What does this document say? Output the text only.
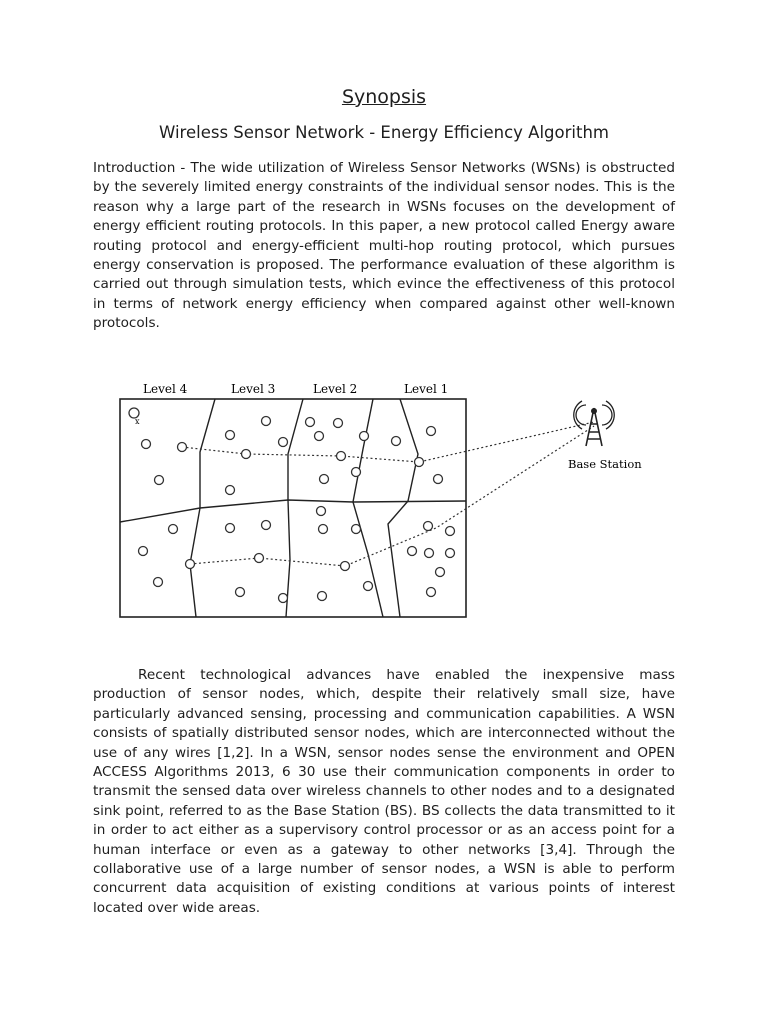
Synopsis
Wireless Sensor Network - Energy Efficiency Algorithm

Introduction - The wide utilization of Wireless Sensor Networks (WSNs) is obstructed by the severely limited energy constraints of the individual sensor nodes. This is the reason why a large part of the research in WSNs focuses on the development of energy efficient routing protocols. In this paper, a new protocol called Energy aware routing protocol and energy-efficient multi-hop routing protocol, which pursues energy conservation is proposed. The performance evaluation of these algorithm is carried out through simulation tests, which evince the effectiveness of this protocol in terms of network energy efficiency when compared against other well-known protocols.

Level 4	Level 3	Level 2	Level 1
x
Base Station

Recent technological advances have enabled the inexpensive mass production of sensor nodes, which, despite their relatively small size, have particularly advanced sensing, processing and communication capabilities. A WSN consists of spatially distributed sensor nodes, which are interconnected without the use of any wires [1,2]. In a WSN, sensor nodes sense the environment and OPEN ACCESS Algorithms 2013, 6 30 use their communication components in order to transmit the sensed data over wireless channels to other nodes and to a designated sink point, referred to as the Base Station (BS). BS collects the data transmitted to it in order to act either as a supervisory control processor or as an access point for a human interface or even as a gateway to other networks [3,4]. Through the collaborative use of a large number of sensor nodes, a WSN is able to perform concurrent data acquisition of existing conditions at various points of interest located over wide areas.
